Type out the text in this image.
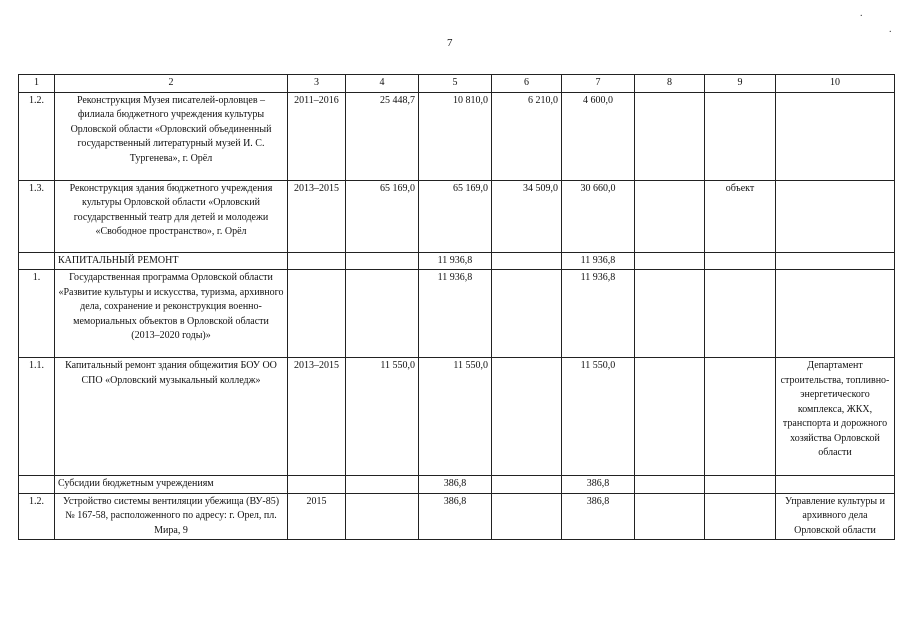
7
.
.
1	2	3	4	5	6	7	8	9	10
1.2.	Реконструкция Музея писателей-орловцев – филиала бюджетного учреждения культуры Орловской области «Орловский объединенный государственный литературный музей И. С. Тургенева», г. Орёл	2011–2016	25 448,7	10 810,0	6 210,0	4 600,0			
1.3.	Реконструкция здания бюджетного учреждения культуры Орловской области «Орловский государственный театр для детей и молодежи «Свободное пространство», г. Орёл	2013–2015	65 169,0	65 169,0	34 509,0	30 660,0		объект	
	КАПИТАЛЬНЫЙ РЕМОНТ			11 936,8		11 936,8			
1.	Государственная программа Орловской области «Развитие культуры и искусства, туризма, архивного дела, сохранение и реконструкция военно-мемориальных объектов в Орловской области (2013–2020 годы)»			11 936,8		11 936,8			
1.1.	Капитальный ремонт здания общежития БОУ ОО СПО «Орловский музыкальный колледж»	2013–2015	11 550,0	11 550,0		11 550,0			Департамент строительства, топливно-энергетического комплекса, ЖКХ, транспорта и дорожного хозяйства Орловской области
	Субсидии бюджетным учреждениям			386,8		386,8			
1.2.	Устройство системы вентиляции убежища (ВУ-85) № 167-58, расположенного по адресу: г. Орел, пл. Мира, 9	2015		386,8		386,8			Управление культуры и архивного дела Орловской области
